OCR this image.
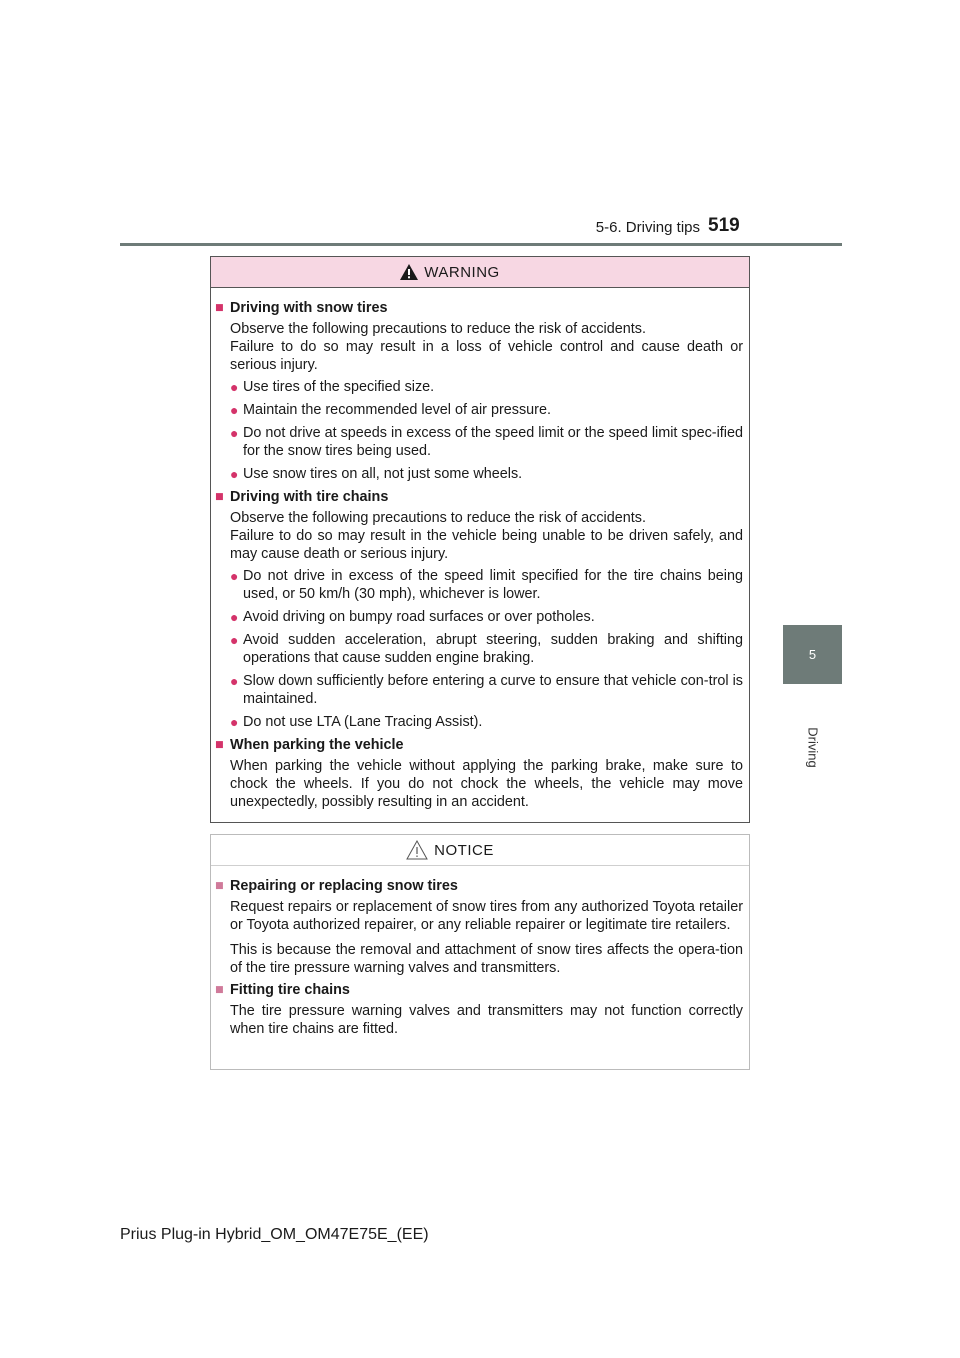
5-6. Driving tips 519
5
Driving
WARNING
■ Driving with snow tires
Observe the following precautions to reduce the risk of accidents.
Failure to do so may result in a loss of vehicle control and cause death or serious injury.
● Use tires of the specified size.
● Maintain the recommended level of air pressure.
● Do not drive at speeds in excess of the speed limit or the speed limit spec-ified for the snow tires being used.
● Use snow tires on all, not just some wheels.
■ Driving with tire chains
Observe the following precautions to reduce the risk of accidents.
Failure to do so may result in the vehicle being unable to be driven safely, and may cause death or serious injury.
● Do not drive in excess of the speed limit specified for the tire chains being used, or 50 km/h (30 mph), whichever is lower.
● Avoid driving on bumpy road surfaces or over potholes.
● Avoid sudden acceleration, abrupt steering, sudden braking and shifting operations that cause sudden engine braking.
● Slow down sufficiently before entering a curve to ensure that vehicle con-trol is maintained.
● Do not use LTA (Lane Tracing Assist).
■ When parking the vehicle
When parking the vehicle without applying the parking brake, make sure to chock the wheels. If you do not chock the wheels, the vehicle may move unexpectedly, possibly resulting in an accident.
NOTICE
■ Repairing or replacing snow tires
Request repairs or replacement of snow tires from any authorized Toyota retailer or Toyota authorized repairer, or any reliable repairer or legitimate tire retailers.
This is because the removal and attachment of snow tires affects the opera-tion of the tire pressure warning valves and transmitters.
■ Fitting tire chains
The tire pressure warning valves and transmitters may not function correctly when tire chains are fitted.
Prius Plug-in Hybrid_OM_OM47E75E_(EE)
